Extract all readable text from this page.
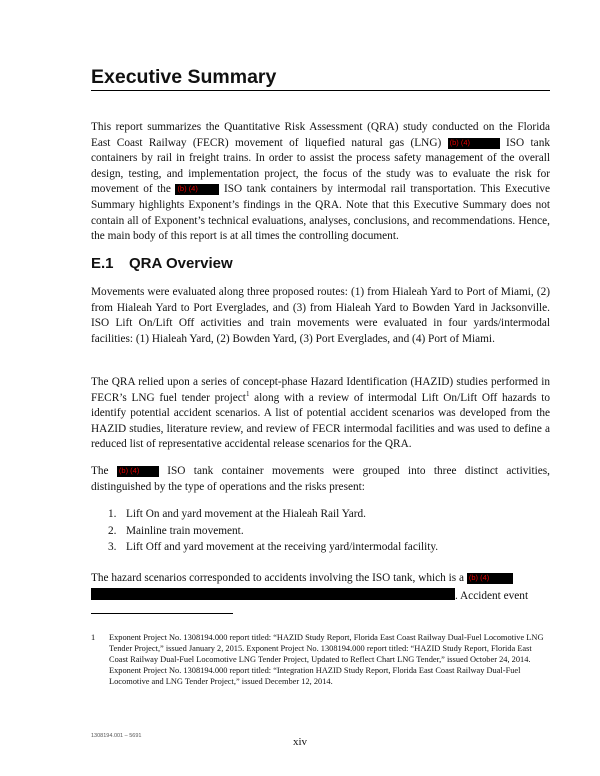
Executive Summary

This report summarizes the Quantitative Risk Assessment (QRA) study conducted on the Florida East Coast Railway (FECR) movement of liquefied natural gas (LNG) (b) (4)	ISO tank containers by rail in freight trains. In order to assist the process safety management of the overall design, testing, and implementation project, the focus of the study was to evaluate the risk for movement of the (b) (4) ISO tank containers by intermodal rail transportation. This Executive Summary highlights Exponent’s findings in the QRA. Note that this Executive Summary does not contain all of Exponent’s technical evaluations, analyses, conclusions, and recommendations. Hence, the main body of this report is at all times the controlling document.

E.1 QRA Overview

Movements were evaluated along three proposed routes: (1) from Hialeah Yard to Port of Miami, (2) from Hialeah Yard to Port Everglades, and (3) from Hialeah Yard to Bowden Yard in Jacksonville. ISO Lift On/Lift Off activities and train movements were evaluated in four yards/intermodal facilities: (1) Hialeah Yard, (2) Bowden Yard, (3) Port Everglades, and (4) Port of Miami.

The QRA relied upon a series of concept-phase Hazard Identification (HAZID) studies performed in FECR’s LNG fuel tender project$^1$ along with a review of intermodal Lift On/Lift Off hazards to identify potential accident scenarios. A list of potential accident scenarios was developed from the HAZID studies, literature review, and review of FECR intermodal facilities and was used to define a reduced list of representative accidental release scenarios for the QRA.

The (b) (4) ISO tank container movements were grouped into three distinct activities, distinguished by the type of operations and the risks present:

1. Lift On and yard movement at the Hialeah Rail Yard.
2. Mainline train movement.
3. Lift Off and yard movement at the receiving yard/intermodal facility.

The hazard scenarios corresponded to accidents involving the ISO tank, which is a (b) (4)
. Accident event

1	Exponent Project No. 1308194.000 report titled: “HAZID Study Report, Florida East Coast Railway Dual-Fuel Locomotive LNG Tender Project,” issued January 2, 2015. Exponent Project No. 1308194.000 report titled: “HAZID Study Report, Florida East Coast Railway Dual-Fuel Locomotive LNG Tender Project, Updated to Reflect Chart LNG Tender,” issued October 24, 2014. Exponent Project No. 1308194.000 report titled: “Integration HAZID Study Report, Florida East Coast Railway Dual-Fuel Locomotive and LNG Tender Project,” issued December 12, 2014.

1308194.001 – 5691	xiv
